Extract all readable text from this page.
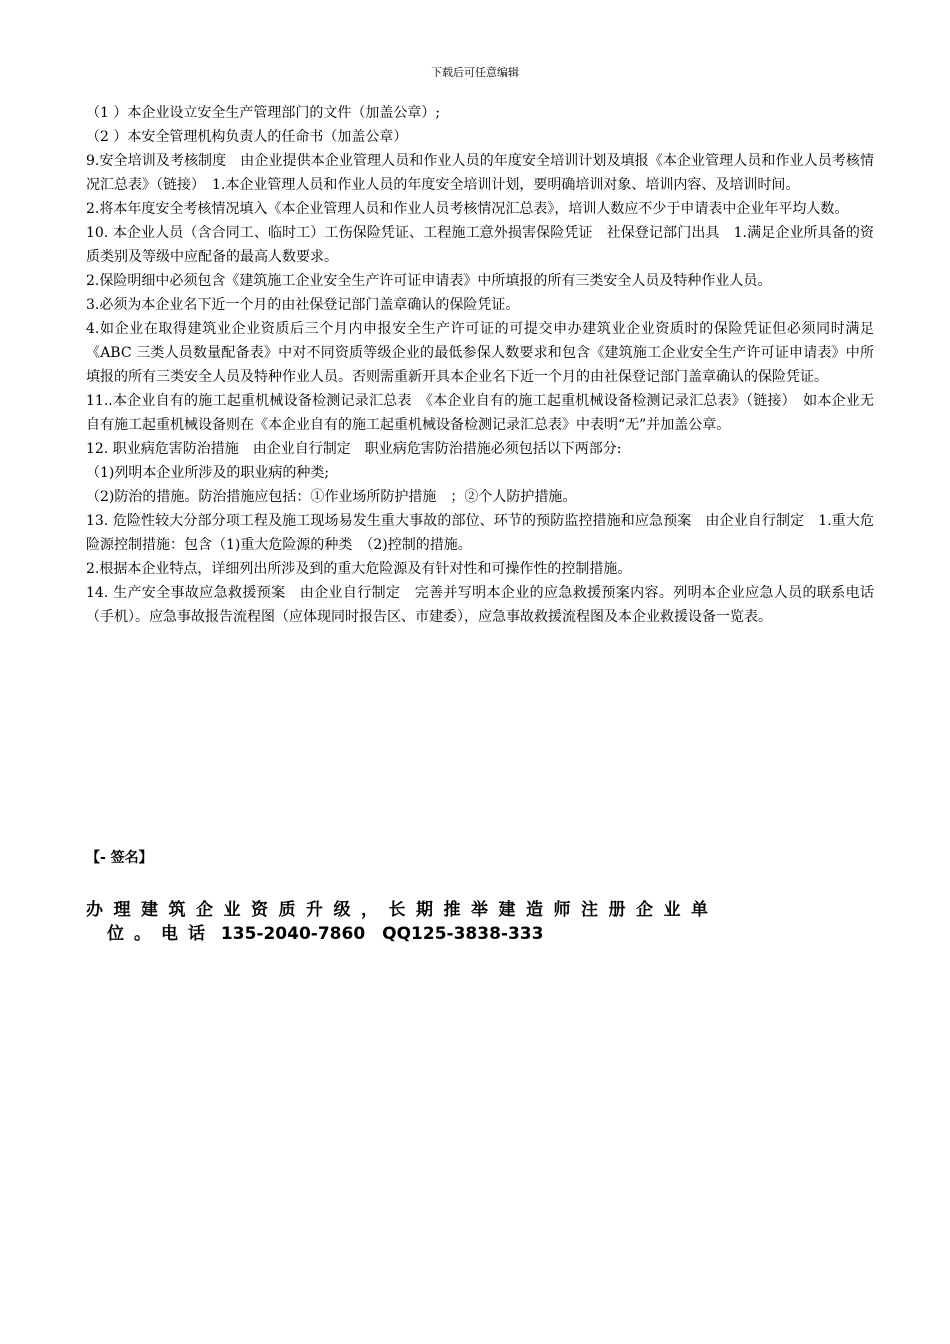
下载后可任意编辑

（1 ）本企业设立安全生产管理部门的文件（加盖公章）;

（2 ）本安全管理机构负责人的任命书（加盖公章）

9.安全培训及考核制度　由企业提供本企业管理人员和作业人员的年度安全培训计划及填报《本企业管理人员和作业人员考核情况汇总表》（链接）　1.本企业管理人员和作业人员的年度安全培训计划，要明确培训对象、培训内容、及培训时间。

2.将本年度安全考核情况填入《本企业管理人员和作业人员考核情况汇总表》，培训人数应不少于申请表中企业年平均人数。

10. 本企业人员（含合同工、临时工）工伤保险凭证、工程施工意外损害保险凭证　社保登记部门出具　1.满足企业所具备的资质类别及等级中应配备的最高人数要求。

2.保险明细中必须包含《建筑施工企业安全生产许可证申请表》中所填报的所有三类安全人员及特种作业人员。

3.必须为本企业名下近一个月的由社保登记部门盖章确认的保险凭证。

4.如企业在取得建筑业企业资质后三个月内申报安全生产许可证的可提交申办建筑业企业资质时的保险凭证但必须同时满足《ABC 三类人员数量配备表》中对不同资质等级企业的最低参保人数要求和包含《建筑施工企业安全生产许可证申请表》中所填报的所有三类安全人员及特种作业人员。否则需重新开具本企业名下近一个月的由社保登记部门盖章确认的保险凭证。

11..本企业自有的施工起重机械设备检测记录汇总表　《本企业自有的施工起重机械设备检测记录汇总表》（链接）　如本企业无自有施工起重机械设备则在《本企业自有的施工起重机械设备检测记录汇总表》中表明“无”并加盖公章。

12. 职业病危害防治措施　由企业自行制定　职业病危害防治措施必须包括以下两部分:

（1)列明本企业所涉及的职业病的种类;

（2)防治的措施。防治措施应包括：①作业场所防护措施　；②个人防护措施。

13. 危险性较大分部分项工程及施工现场易发生重大事故的部位、环节的预防监控措施和应急预案　由企业自行制定　1.重大危险源控制措施：包含（1)重大危险源的种类　（2)控制的措施。

2.根据本企业特点，详细列出所涉及到的重大危险源及有针对性和可操作性的控制措施。

14. 生产安全事故应急救援预案　由企业自行制定　完善并写明本企业的应急救援预案内容。列明本企业应急人员的联系电话（手机）。应急事故报告流程图（应体现同时报告区、市建委），应急事故救援流程图及本企业救援设备一览表。

【- 签名】
办理建筑企业资质升级，长期推举建造师注册企业单
位。电话 135-2040-7860　QQ125-3838-333
